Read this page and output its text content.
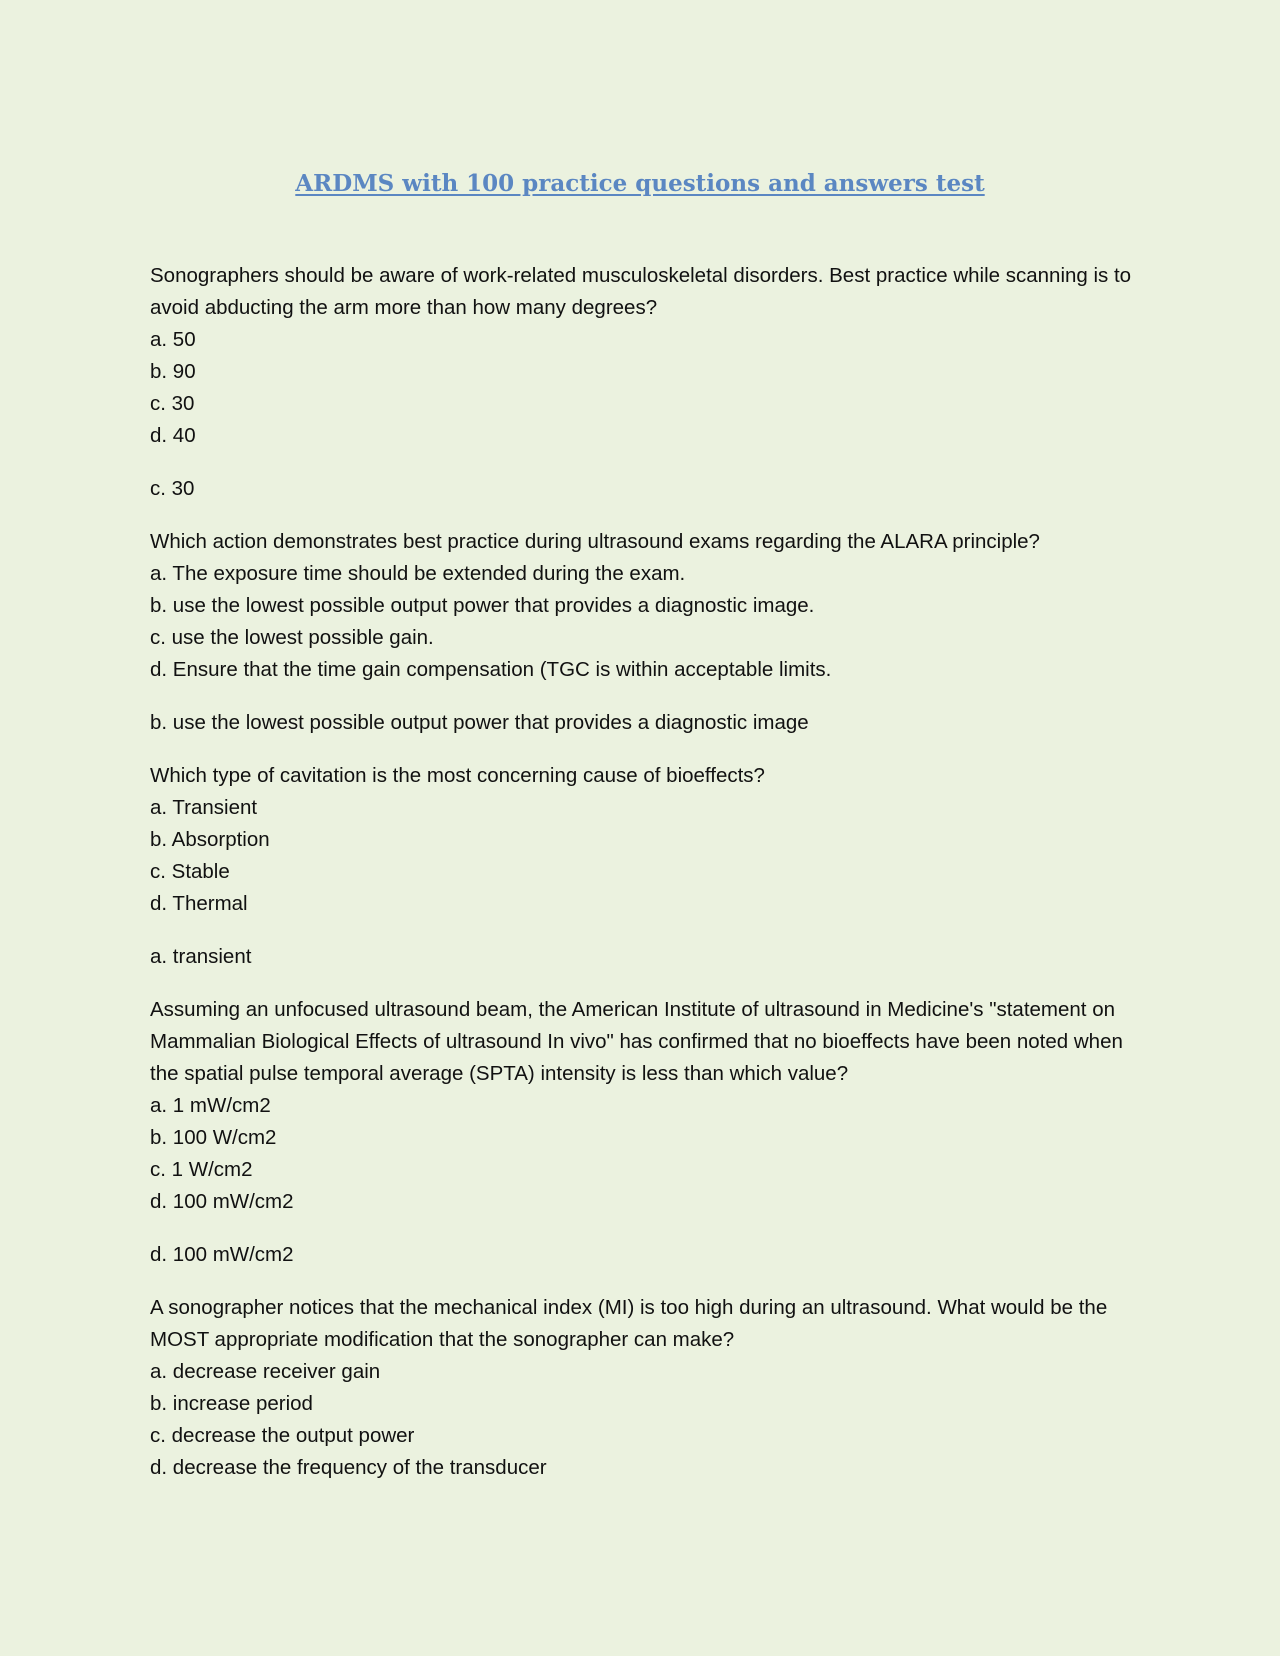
ARDMS with 100 practice questions and answers test

Sonographers should be aware of work-related musculoskeletal disorders. Best practice while scanning is to avoid abducting the arm more than how many degrees?

a. 50

b. 90

c. 30

d. 40

c. 30

Which action demonstrates best practice during ultrasound exams regarding the ALARA principle?

a. The exposure time should be extended during the exam.

b. use the lowest possible output power that provides a diagnostic image.

c. use the lowest possible gain.

d. Ensure that the time gain compensation (TGC is within acceptable limits.

b. use the lowest possible output power that provides a diagnostic image

Which type of cavitation is the most concerning cause of bioeffects?

a. Transient

b. Absorption

c. Stable

d. Thermal

a. transient

Assuming an unfocused ultrasound beam, the American Institute of ultrasound in Medicine's "statement on Mammalian Biological Effects of ultrasound In vivo" has confirmed that no bioeffects have been noted when the spatial pulse temporal average (SPTA) intensity is less than which value?

a. 1 mW/cm2

b. 100 W/cm2

c. 1 W/cm2

d. 100 mW/cm2

d. 100 mW/cm2

A sonographer notices that the mechanical index (MI) is too high during an ultrasound. What would be the MOST appropriate modification that the sonographer can make?

a. decrease receiver gain

b. increase period

c. decrease the output power

d. decrease the frequency of the transducer
